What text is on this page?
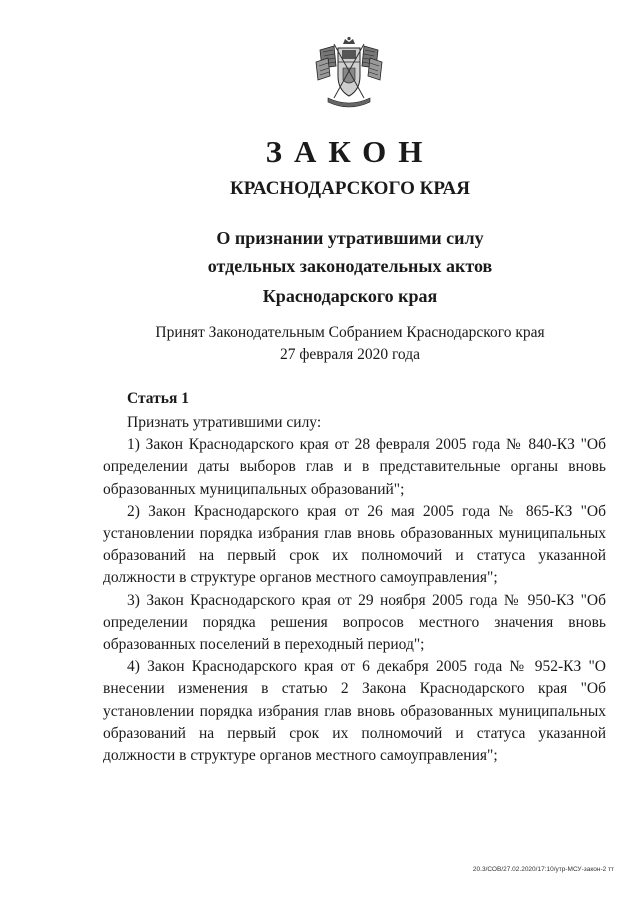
ЗАКОН
КРАСНОДАРСКОГО КРАЯ
О признании утратившими силу
отдельных законодательных актов
Краснодарского края
Принят Законодательным Собранием Краснодарского края
27 февраля 2020 года
Статья 1

Признать утратившими силу:

1) Закон Краснодарского края от 28 февраля 2005 года № 840-КЗ "Об определении даты выборов глав и в представительные органы вновь образованных муниципальных образований";

2) Закон Краснодарского края от 26 мая 2005 года № 865-КЗ "Об установлении порядка избрания глав вновь образованных муниципальных образований на первый срок их полномочий и статуса указанной должности в структуре органов местного самоуправления";

3) Закон Краснодарского края от 29 ноября 2005 года № 950-КЗ "Об определении порядка решения вопросов местного значения вновь образованных поселений в переходный период";

4) Закон Краснодарского края от 6 декабря 2005 года № 952-КЗ "О внесении изменения в статью 2 Закона Краснодарского края "Об установлении порядка избрания глав вновь образованных муниципальных образований на первый срок их полномочий и статуса указанной должности в структуре органов местного самоуправления";

20.3/СОВ/27.02.2020/17:10/утр-МСУ-закон-2 тт
